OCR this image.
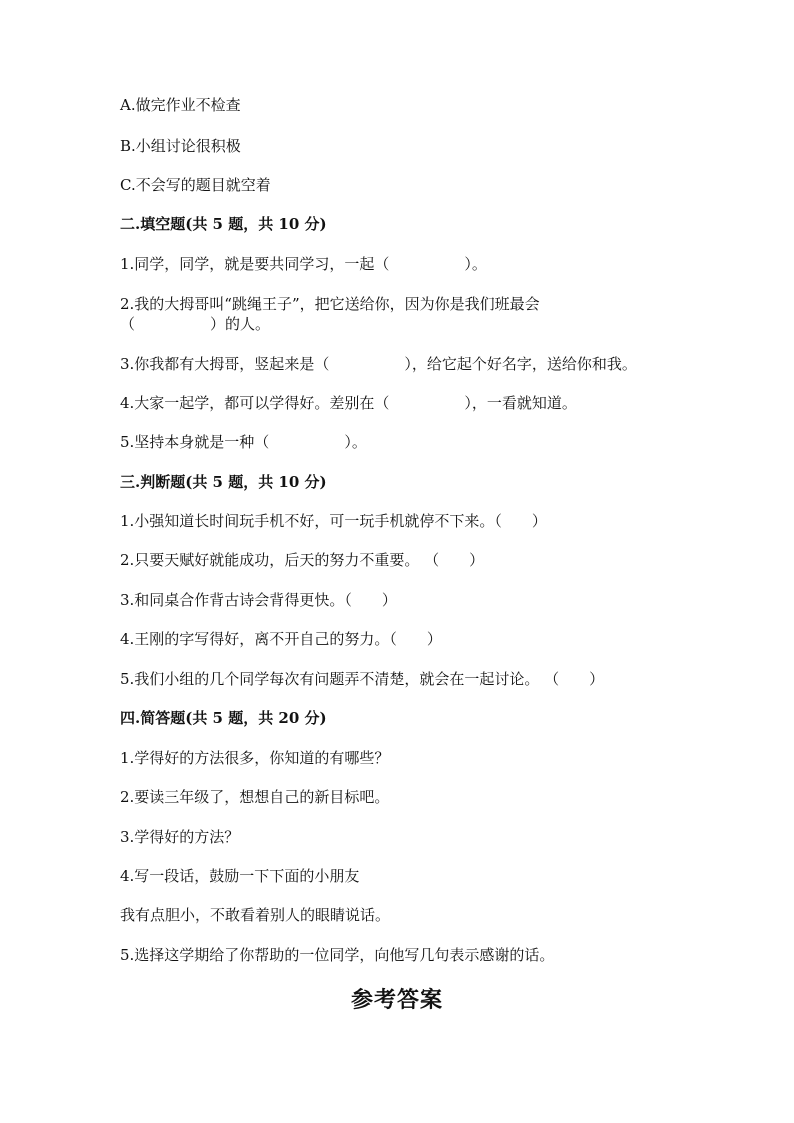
A.做完作业不检查
B.小组讨论很积极
C.不会写的题目就空着
二.填空题(共 5 题，共 10 分)
1.同学，同学，就是要共同学习，一起（　　　　　）。
2.我的大拇哥叫“跳绳王子”，把它送给你，因为你是我们班最会
（　　　　　）的人。
3.你我都有大拇哥，竖起来是（　　　　　），给它起个好名字，送给你和我。
4.大家一起学，都可以学得好。差别在（　　　　　），一看就知道。
5.坚持本身就是一种（　　　　　）。
三.判断题(共 5 题，共 10 分)
1.小强知道长时间玩手机不好，可一玩手机就停不下来。（　　）
2.只要天赋好就能成功，后天的努力不重要。 （　　）
3.和同桌合作背古诗会背得更快。（　　）
4.王刚的字写得好，离不开自己的努力。（　　）
5.我们小组的几个同学每次有问题弄不清楚，就会在一起讨论。 （　　）
四.简答题(共 5 题，共 20 分)
1.学得好的方法很多，你知道的有哪些？
2.要读三年级了，想想自己的新目标吧。
3.学得好的方法？
4.写一段话，鼓励一下下面的小朋友
我有点胆小，不敢看着别人的眼睛说话。
5.选择这学期给了你帮助的一位同学，向他写几句表示感谢的话。
参考答案
